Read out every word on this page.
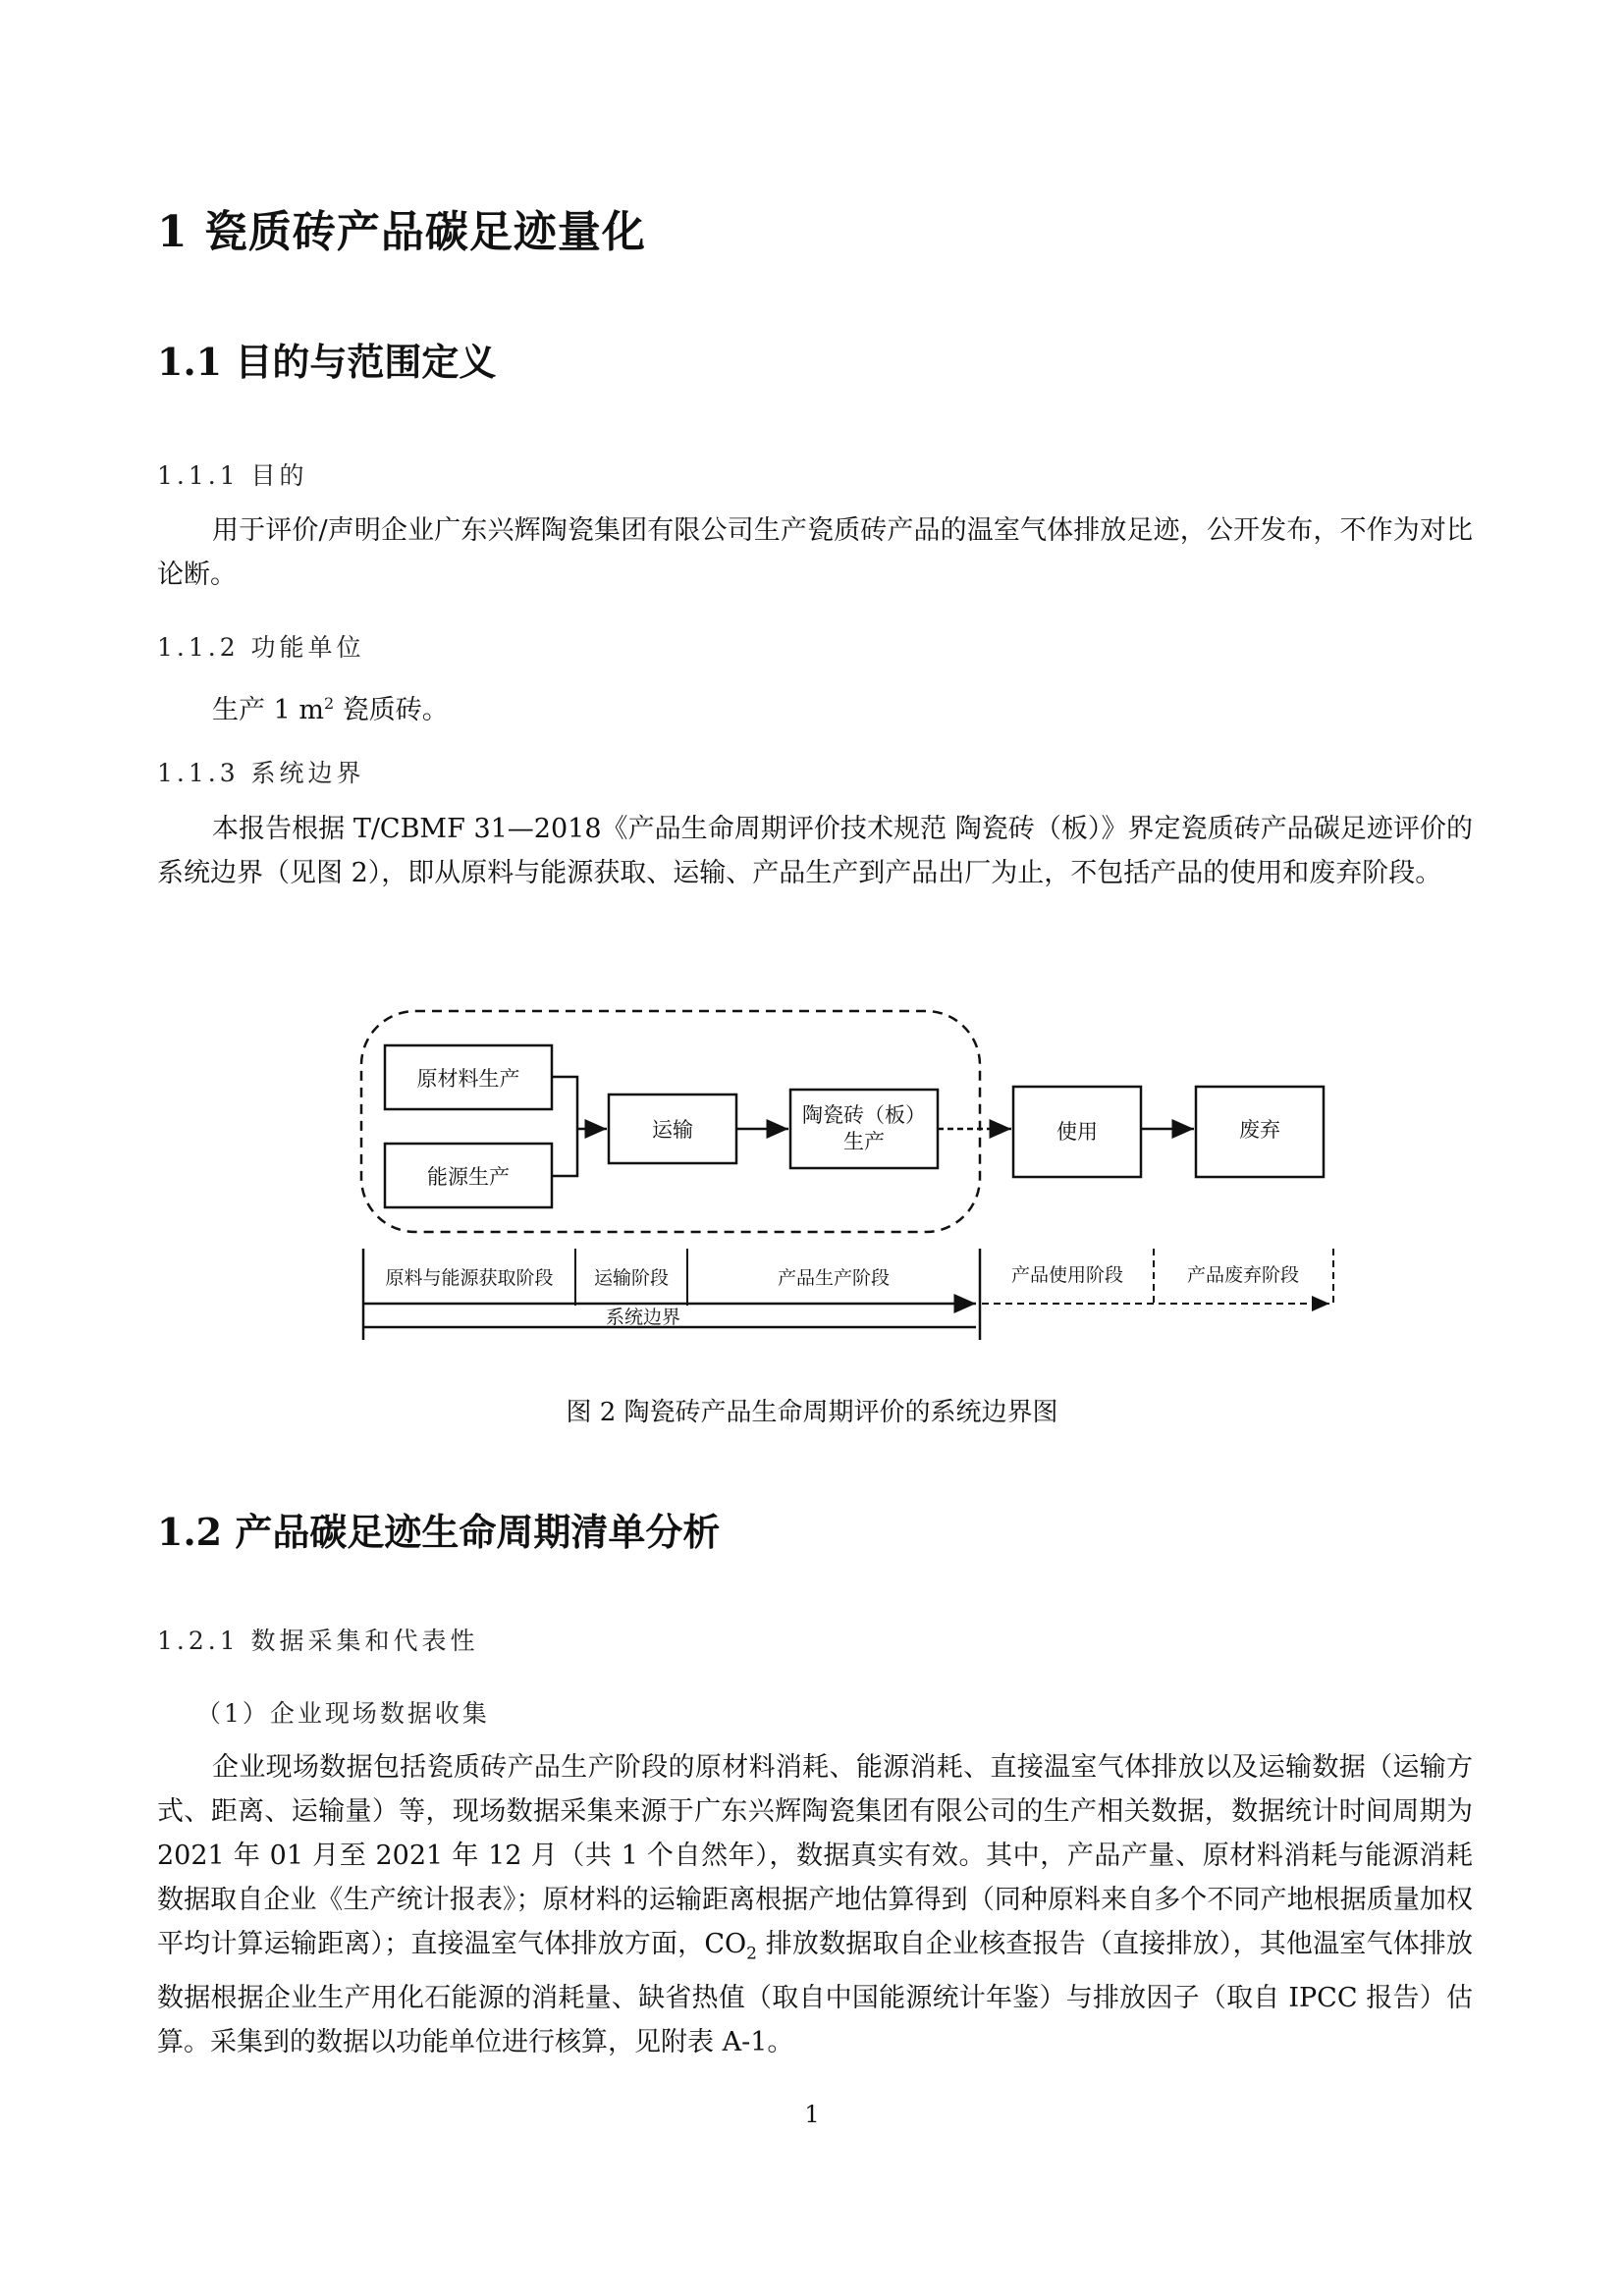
1 瓷质砖产品碳足迹量化
1.1 目的与范围定义

1.1.1 目的

用于评价/声明企业广东兴辉陶瓷集团有限公司生产瓷质砖产品的温室气体排放足迹，公开发布，不作为对比论断。

1.1.2 功能单位

生产 1 $m^2$ 瓷质砖。

1.1.3 系统边界

本报告根据 T/CBMF 31—2018《产品生命周期评价技术规范 陶瓷砖（板）》界定瓷质砖产品碳足迹评价的系统边界（见图 2），即从原料与能源获取、运输、产品生产到产品出厂为止，不包括产品的使用和废弃阶段。

原材料生产
能源生产
运输
陶瓷砖（板）
生产	使用	废弃
原料与能源获取阶段 运输阶段	产品生产阶段	产品使用阶段	产品废弃阶段
系统边界

图 2 陶瓷砖产品生命周期评价的系统边界图

1.2 产品碳足迹生命周期清单分析

1.2.1 数据采集和代表性

（1）企业现场数据收集

企业现场数据包括瓷质砖产品生产阶段的原材料消耗、能源消耗、直接温室气体排放以及运输数据（运输方式、距离、运输量）等，现场数据采集来源于广东兴辉陶瓷集团有限公司的生产相关数据，数据统计时间周期为 2021 年 01 月至 2021 年 12 月（共 1 个自然年），数据真实有效。其中，产品产量、原材料消耗与能源消耗数据取自企业《生产统计报表》；原材料的运输距离根据产地估算得到（同种原料来自多个不同产地根据质量加权平均计算运输距离）；直接温室气体排放方面，$CO_2$ 排放数据取自企业核查报告（直接排放），其他温室气体排放数据根据企业生产用化石能源的消耗量、缺省热值（取自中国能源统计年鉴）与排放因子（取自 IPCC 报告）估算。采集到的数据以功能单位进行核算，见附表 A-1。

1
